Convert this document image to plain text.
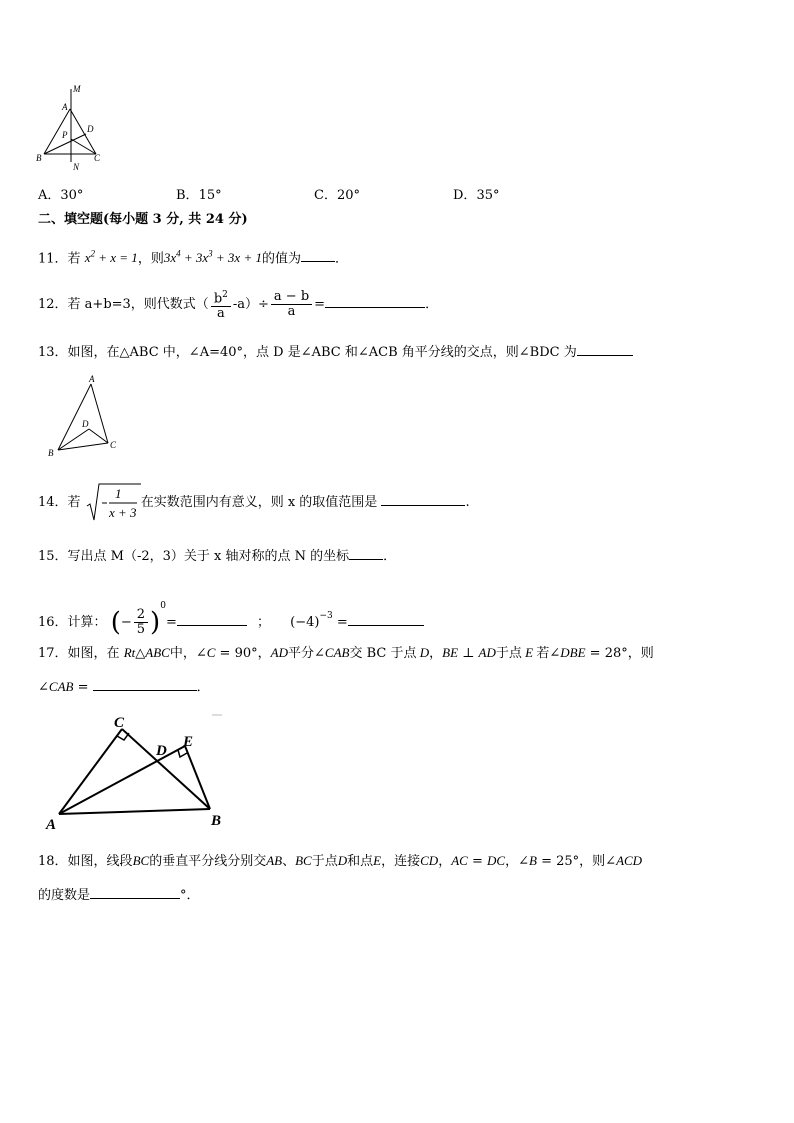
M
A
P
D
B
N
C
A．30°	B．15°	C．20°	D．35°
二、填空题(每小题 3 分, 共 24 分)
11．若 $x^2 + x = 1$，则$3x^4 + 3x^3 + 3x + 1$的值为	．
12．若 a+b=3，则代数式（ $\frac{b^2}{a} -a)\div \frac{a - b}{a}$ =	．
13．如图，在△ABC 中，∠A=40°，点 D 是∠ABC 和∠ACB 角平分线的交点，则∠BDC 为
A
D
B
C
14．若
1
x + 3
在实数范围内有意义，则 x 的取值范围是	.
15．写出点 M（-2，3）关于 x 轴对称的点 N 的坐标	．
16．计算： (− $\frac{2}{5} )^0=$	； $(-4)^{-3}$ =
17．如图，在 Rt△ABC中，∠C = 90°，AD平分∠CAB交 BC 于点 D，BE ⊥ AD于点 E 若∠DBE = 28°，则
∠CAB =	．
C
D
E
A	B
18．如图，线段BC的垂直平分线分别交AB、BC于点D和点E，连接CD，AC = DC，∠B = 25°，则∠ACD
的度数是	°．
